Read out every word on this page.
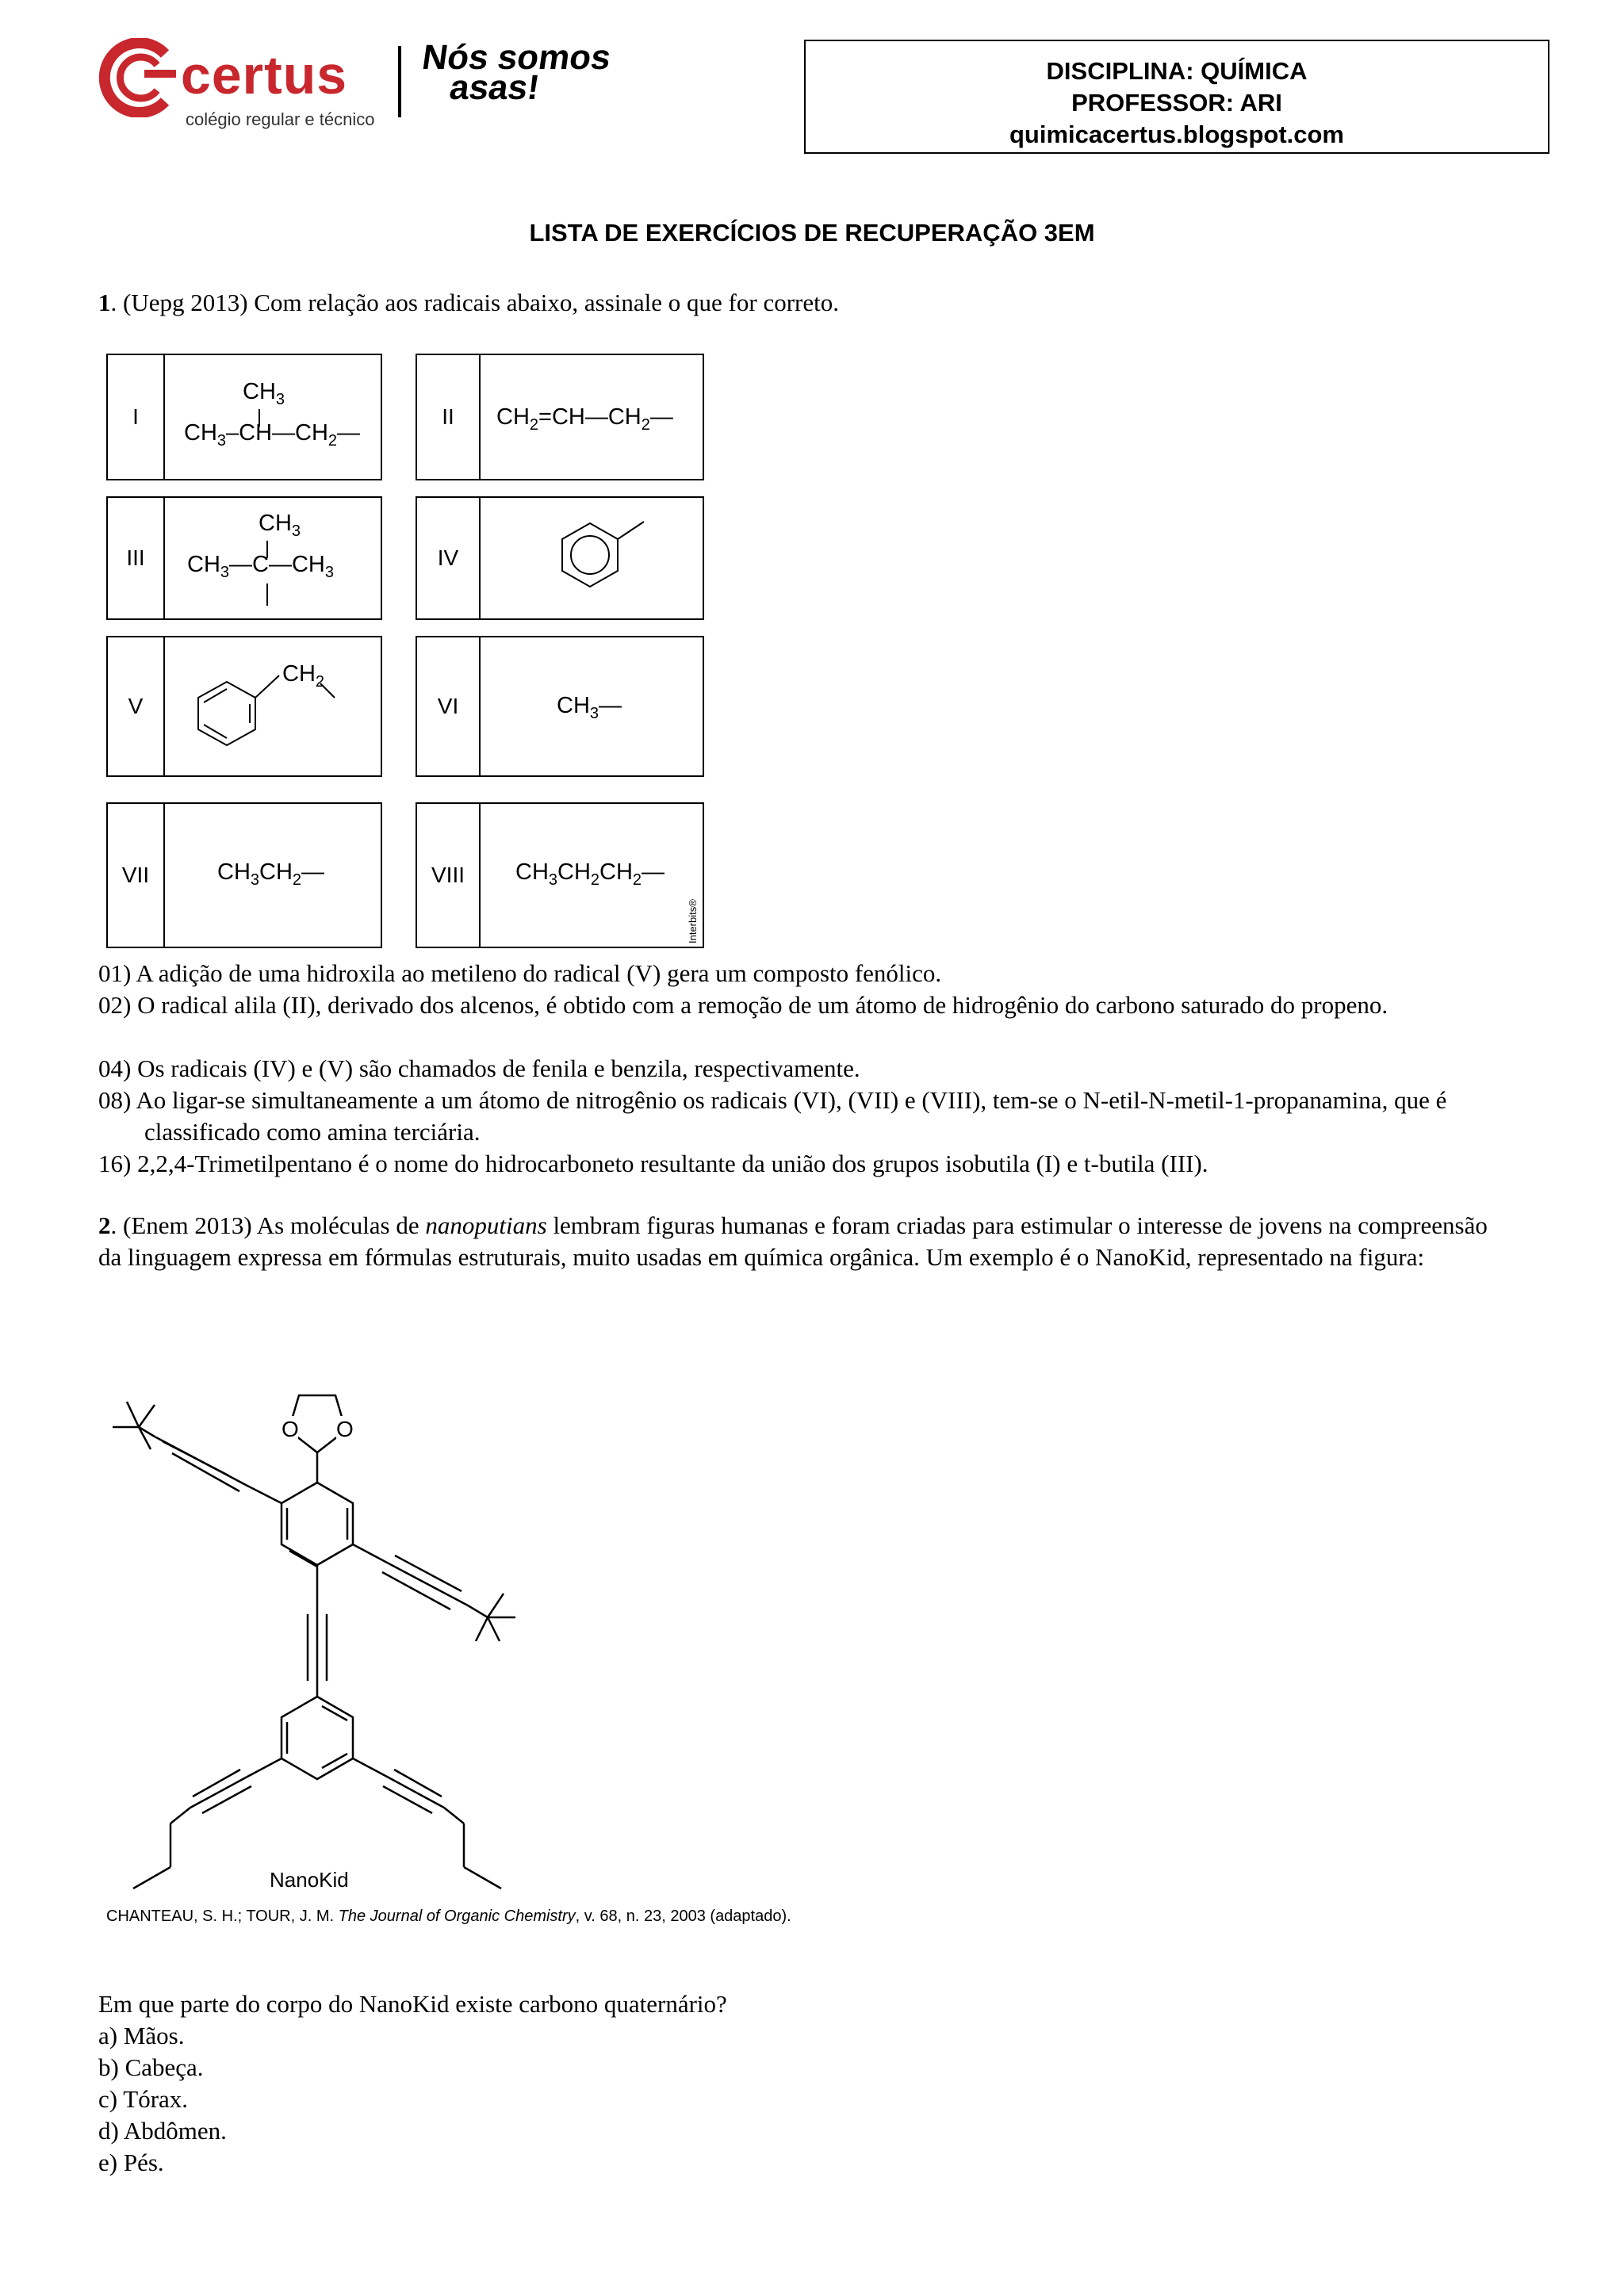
certus
colégio regular e técnico
Nós somos
asas!	DISCIPLINA: QUÍMICA
PROFESSOR: ARI
quimicacertus.blogspot.com
LISTA DE EXERCÍCIOS DE RECUPERAÇÃO 3EM
1. (Uepg 2013) Com relação aos radicais abaixo, assinale o que for correto.
I
$CH_3$
$CH_3-CH—CH_2—$
II	$CH_2=CH—CH_2—$
III
$CH_3$
$CH_3—C—CH_3$
IV
V
$CH_2$
VI	$CH_3—$
VII	$CH_3CH_2—$	VIII	$CH_3CH_2CH_2—$
Interbits®
01) A adição de uma hidroxila ao metileno do radical (V) gera um composto fenólico.
02) O radical alila (II), derivado dos alcenos, é obtido com a remoção de um átomo de hidrogênio do carbono saturado do propeno.
04) Os radicais (IV) e (V) são chamados de fenila e benzila, respectivamente.
08) Ao ligar-se simultaneamente a um átomo de nitrogênio os radicais (VI), (VII) e (VIII), tem-se o N-etil-N-metil-1-propanamina, que é classificado como amina terciária.
16) 2,2,4-Trimetilpentano é o nome do hidrocarboneto resultante da união dos grupos isobutila (I) e t-butila (III).
2. (Enem 2013) As moléculas de nanoputians lembram figuras humanas e foram criadas para estimular o interesse de jovens na compreensão da linguagem expressa em fórmulas estruturais, muito usadas em química orgânica. Um exemplo é o NanoKid, representado na figura:
O O
NanoKid
CHANTEAU, S. H.; TOUR, J. M. The Journal of Organic Chemistry, v. 68, n. 23, 2003 (adaptado).
Em que parte do corpo do NanoKid existe carbono quaternário?
a) Mãos.
b) Cabeça.
c) Tórax.
d) Abdômen.
e) Pés.
